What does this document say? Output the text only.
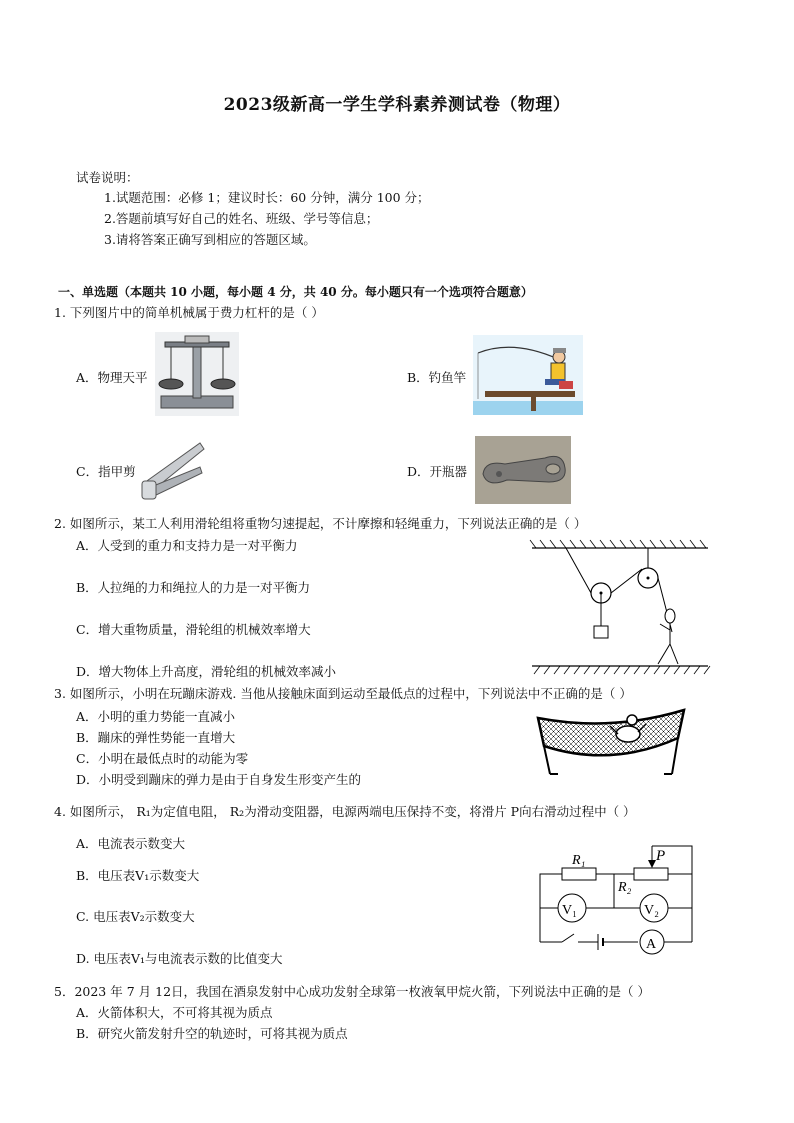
2023级新高一学生学科素养测试卷（物理）
试卷说明：
1.试题范围：必修 1；建议时长：60 分钟，满分 100 分；
2.答题前填写好自己的姓名、班级、学号等信息；
3.请将答案正确写到相应的答题区域。
一、单选题（本题共 10 小题，每小题 4 分，共 40 分。每小题只有一个选项符合题意）
1. 下列图片中的简单机械属于费力杠杆的是（ ）
A．物理天平	B．钓鱼竿
C．指甲剪	D．开瓶器
2. 如图所示，某工人利用滑轮组将重物匀速提起，不计摩擦和轻绳重力，下列说法正确的是（ ）
A．人受到的重力和支持力是一对平衡力
B．人拉绳的力和绳拉人的力是一对平衡力
C．增大重物质量，滑轮组的机械效率增大
D．增大物体上升高度，滑轮组的机械效率减小
3. 如图所示，小明在玩蹦床游戏. 当他从接触床面到运动至最低点的过程中，下列说法中不正确的是（ ）
A．小明的重力势能一直减小
B．蹦床的弹性势能一直增大
C．小明在最低点时的动能为零
D．小明受到蹦床的弹力是由于自身发生形变产生的
4. 如图所示， R₁为定值电阻， R₂为滑动变阻器，电源两端电压保持不变，将滑片 P向右滑动过程中（ ）
A．电流表示数变大
B．电压表V₁示数变大
C. 电压表V₂示数变大
D. 电压表V₁与电流表示数的比值变大
R₁
R₂
P
V₁	V₂
A
5．2023 年 7 月 12日，我国在酒泉发射中心成功发射全球第一枚液氧甲烷火箭，下列说法中正确的是（ ）
A．火箭体积大，不可将其视为质点
B．研究火箭发射升空的轨迹时，可将其视为质点
